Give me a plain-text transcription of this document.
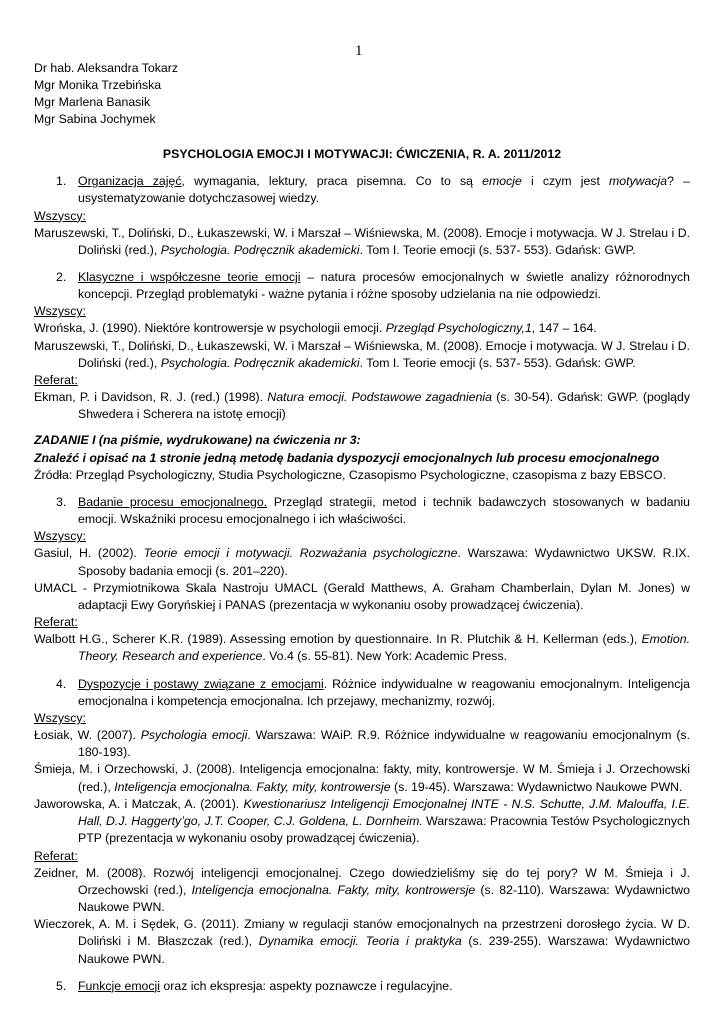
1
Dr hab. Aleksandra Tokarz
Mgr Monika Trzebińska
Mgr Marlena Banasik
Mgr Sabina Jochymek
PSYCHOLOGIA EMOCJI I MOTYWACJI: ĆWICZENIA, R. A. 2011/2012
1. Organizacja zajęć, wymagania, lektury, praca pisemna. Co to są emocje i czym jest motywacja? – usystematyzowanie dotychczasowej wiedzy.
Wszyscy:
Maruszewski, T., Doliński, D., Łukaszewski, W. i Marszał – Wiśniewska, M. (2008). Emocje i motywacja. W J. Strelau i D. Doliński (red.), Psychologia. Podręcznik akademicki. Tom I. Teorie emocji (s. 537- 553). Gdańsk: GWP.
2. Klasyczne i współczesne teorie emocji – natura procesów emocjonalnych w świetle analizy różnorodnych koncepcji. Przegląd problematyki - ważne pytania i różne sposoby udzielania na nie odpowiedzi.
Wszyscy:
Wrońska, J. (1990). Niektóre kontrowersje w psychologii emocji. Przegląd Psychologiczny,1, 147 – 164.
Maruszewski, T., Doliński, D., Łukaszewski, W. i Marszał – Wiśniewska, M. (2008). Emocje i motywacja. W J. Strelau i D. Doliński (red.), Psychologia. Podręcznik akademicki. Tom I. Teorie emocji (s. 537- 553). Gdańsk: GWP.
Referat:
Ekman, P. i Davidson, R. J. (red.) (1998). Natura emocji. Podstawowe zagadnienia (s. 30-54). Gdańsk: GWP. (poglądy Shwedera i Scherera na istotę emocji)
ZADANIE I (na piśmie, wydrukowane) na ćwiczenia nr 3:
Znaleźć i opisać na 1 stronie jedną metodę badania dyspozycji emocjonalnych lub procesu emocjonalnego
Źródła: Przegląd Psychologiczny, Studia Psychologiczne, Czasopismo Psychologiczne, czasopisma z bazy EBSCO.
3. Badanie procesu emocjonalnego. Przegląd strategii, metod i technik badawczych stosowanych w badaniu emocji. Wskaźniki procesu emocjonalnego i ich właściwości.
Wszyscy:
Gasiul, H. (2002). Teorie emocji i motywacji. Rozważania psychologiczne. Warszawa: Wydawnictwo UKSW. R.IX. Sposoby badania emocji (s. 201–220).
UMACL - Przymiotnikowa Skala Nastroju UMACL (Gerald Matthews, A. Graham Chamberlain, Dylan M. Jones) w adaptacji Ewy Goryńskiej i PANAS (prezentacja w wykonaniu osoby prowadzącej ćwiczenia).
Referat:
Walbott H.G., Scherer K.R. (1989). Assessing emotion by questionnaire. In R. Plutchik & H. Kellerman (eds.), Emotion. Theory. Research and experience. Vo.4 (s. 55-81). New York: Academic Press.
4. Dyspozycje i postawy związane z emocjami. Różnice indywidualne w reagowaniu emocjonalnym. Inteligencja emocjonalna i kompetencja emocjonalna. Ich przejawy, mechanizmy, rozwój.
Wszyscy:
Łosiak, W. (2007). Psychologia emocji. Warszawa: WAiP. R.9. Różnice indywidualne w reagowaniu emocjonalnym (s. 180-193).
Śmieja, M. i Orzechowski, J. (2008). Inteligencja emocjonalna: fakty, mity, kontrowersje. W M. Śmieja i J. Orzechowski (red.), Inteligencja emocjonalna. Fakty, mity, kontrowersje (s. 19-45). Warszawa: Wydawnictwo Naukowe PWN.
Jaworowska, A. i Matczak, A. (2001). Kwestionariusz Inteligencji Emocjonalnej INTE - N.S. Schutte, J.M. Malouffa, I.E. Hall, D.J. Haggerty’go, J.T. Cooper, C.J. Goldena, L. Dornheim. Warszawa: Pracownia Testów Psychologicznych PTP (prezentacja w wykonaniu osoby prowadzącej ćwiczenia).
Referat:
Zeidner, M. (2008). Rozwój inteligencji emocjonalnej. Czego dowiedzieliśmy się do tej pory? W M. Śmieja i J. Orzechowski (red.), Inteligencja emocjonalna. Fakty, mity, kontrowersje (s. 82-110). Warszawa: Wydawnictwo Naukowe PWN.
Wieczorek, A. M. i Sędek, G. (2011). Zmiany w regulacji stanów emocjonalnych na przestrzeni dorosłego życia. W D. Doliński i M. Błaszczak (red.), Dynamika emocji. Teoria i praktyka (s. 239-255). Warszawa: Wydawnictwo Naukowe PWN.
5. Funkcje emocji oraz ich ekspresja: aspekty poznawcze i regulacyjne.
